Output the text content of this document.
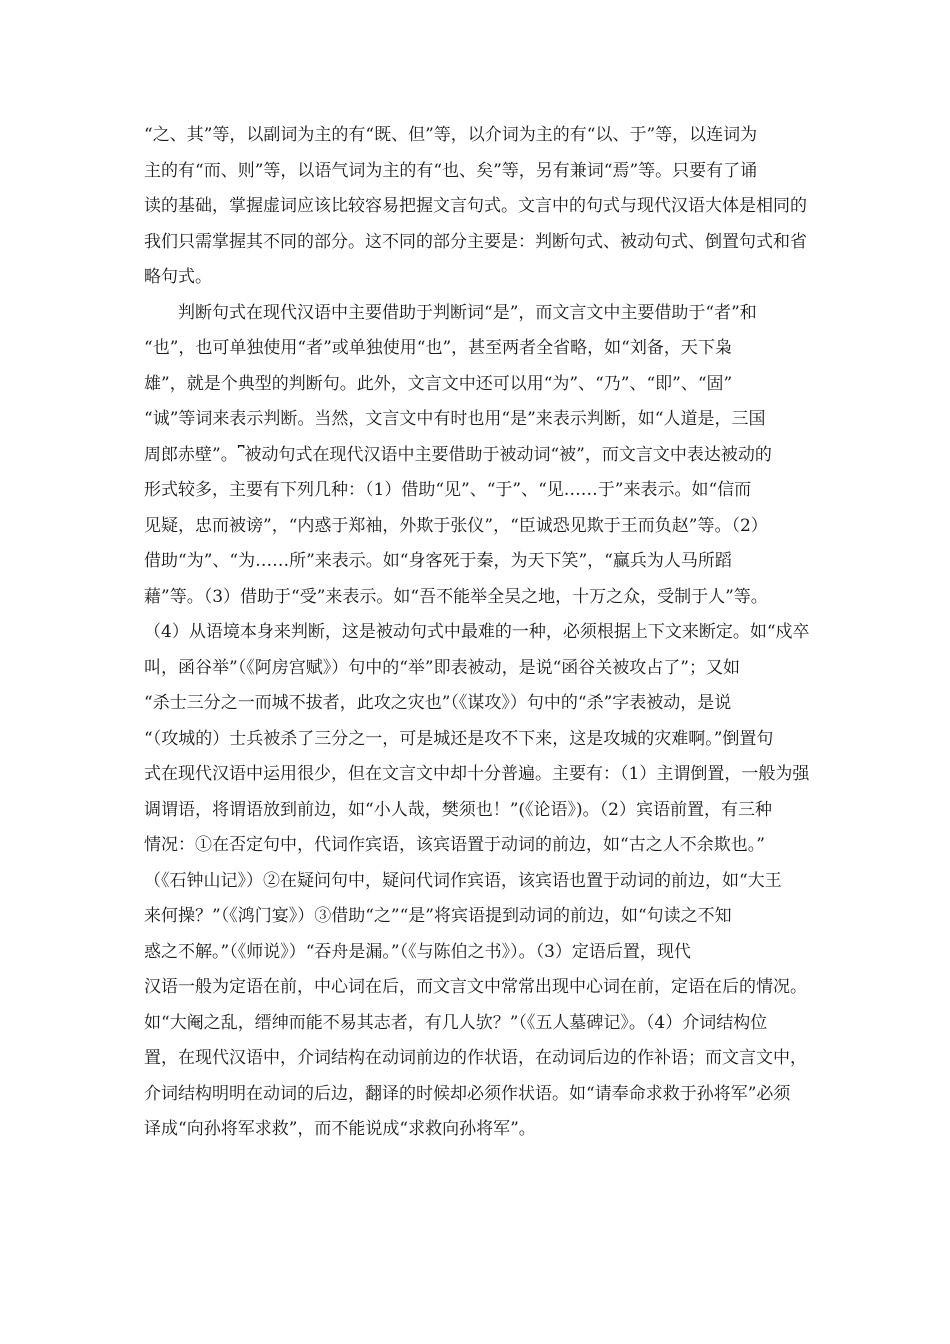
“之、其”等，以副词为主的有“既、但”等，以介词为主的有“以、于”等，以连词为
主的有“而、则”等，以语气词为主的有“也、矣”等，另有兼词“焉”等。只要有了诵
读的基础，掌握虚词应该比较容易把握文言句式。文言中的句式与现代汉语大体是相同的
我们只需掌握其不同的部分。这不同的部分主要是：判断句式、被动句式、倒置句式和省
略句式。
判断句式在现代汉语中主要借助于判断词“是”，而文言文中主要借助于“者”和
“也”，也可单独使用“者”或单独使用“也”，甚至两者全省略，如“刘备，天下枭
雄”，就是个典型的判断句。此外，文言文中还可以用“为”、“乃”、“即”、“固”
“诚”等词来表示判断。当然，文言文中有时也用“是”来表示判断，如“人道是，三国
周郎赤壁”。⎴被动句式在现代汉语中主要借助于被动词“被”，而文言文中表达被动的
形式较多，主要有下列几种：（1）借助“见”、“于”、“见……于”来表示。如“信而
见疑，忠而被谤”，“内惑于郑袖，外欺于张仪”，“臣诚恐见欺于王而负赵”等。（2）
借助“为”、“为……所”来表示。如“身客死于秦，为天下笑”，“赢兵为人马所蹈
藉”等。（3）借助于“受”来表示。如“吾不能举全吴之地，十万之众，受制于人”等。
（4）从语境本身来判断，这是被动句式中最难的一种，必须根据上下文来断定。如“戍卒
叫，函谷举”（《阿房宫赋》）句中的“举”即表被动，是说“函谷关被攻占了”；又如
“杀士三分之一而城不拔者，此攻之灾也”（《谋攻》）句中的“杀”字表被动，是说
“（攻城的）士兵被杀了三分之一，可是城还是攻不下来，这是攻城的灾难啊。”倒置句
式在现代汉语中运用很少，但在文言文中却十分普遍。主要有：（1）主谓倒置，一般为强
调谓语，将谓语放到前边，如“小人哉，樊须也！”(《论语》)。（2）宾语前置，有三种
情况：①在否定句中，代词作宾语，该宾语置于动词的前边，如“古之人不余欺也。”
（《石钟山记》）②在疑问句中，疑问代词作宾语，该宾语也置于动词的前边，如“大王
来何操？”（《鸿门宴》）③借助“之”“是”将宾语提到动词的前边，如“句读之不知
惑之不解。”（《师说》）“吞舟是漏。”（《与陈伯之书》）。（3）定语后置，现代
汉语一般为定语在前，中心词在后，而文言文中常常出现中心词在前，定语在后的情况。
如“大阉之乱，缙绅而能不易其志者，有几人欤？”（《五人墓碑记》。（4）介词结构位
置，在现代汉语中，介词结构在动词前边的作状语，在动词后边的作补语；而文言文中，
介词结构明明在动词的后边，翻译的时候却必须作状语。如“请奉命求救于孙将军”必须
译成“向孙将军求救”，而不能说成“求救向孙将军”。
